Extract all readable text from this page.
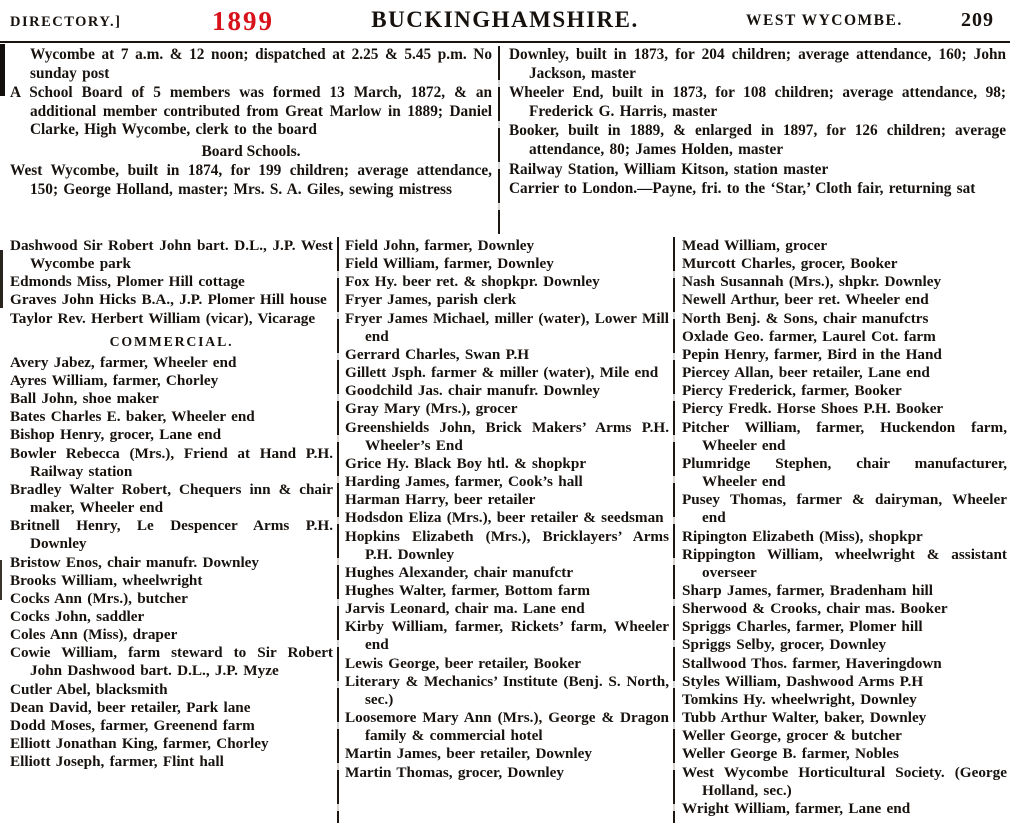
DIRECTORY.]	1899	BUCKINGHAMSHIRE.	WEST WYCOMBE.	209

Wycombe at 7 a.m. & 12 noon; dispatched at 2.25 & 5.45 p.m. No sunday post

A School Board of 5 members was formed 13 March, 1872, & an additional member contributed from Great Marlow in 1889; Daniel Clarke, High Wycombe, clerk to the board

Board Schools.

West Wycombe, built in 1874, for 199 children; average attendance, 150; George Holland, master; Mrs. S. A. Giles, sewing mistress

Downley, built in 1873, for 204 children; average attendance, 160; John Jackson, master

Wheeler End, built in 1873, for 108 children; average attendance, 98; Frederick G. Harris, master

Booker, built in 1889, & enlarged in 1897, for 126 children; average attendance, 80; James Holden, master

Railway Station, William Kitson, station master

Carrier to London.—Payne, fri. to the ‘Star,’ Cloth fair, returning sat

Dashwood Sir Robert John bart. D.L., J.P. West Wycombe park

Edmonds Miss, Plomer Hill cottage

Graves John Hicks B.A., J.P. Plomer Hill house

Taylor Rev. Herbert William (vicar), Vicarage

COMMERCIAL.

Avery Jabez, farmer, Wheeler end

Ayres William, farmer, Chorley

Ball John, shoe maker

Bates Charles E. baker, Wheeler end

Bishop Henry, grocer, Lane end

Bowler Rebecca (Mrs.), Friend at Hand P.H. Railway station

Bradley Walter Robert, Chequers inn & chair maker, Wheeler end

Britnell Henry, Le Despencer Arms P.H. Downley

Bristow Enos, chair manufr. Downley

Brooks William, wheelwright

Cocks Ann (Mrs.), butcher

Cocks John, saddler

Coles Ann (Miss), draper

Cowie William, farm steward to Sir Robert John Dashwood bart. D.L., J.P. Myze

Cutler Abel, blacksmith

Dean David, beer retailer, Park lane

Dodd Moses, farmer, Greenend farm

Elliott Jonathan King, farmer, Chorley

Elliott Joseph, farmer, Flint hall

Field John, farmer, Downley

Field William, farmer, Downley

Fox Hy. beer ret. & shopkpr. Downley

Fryer James, parish clerk

Fryer James Michael, miller (water), Lower Mill end

Gerrard Charles, Swan P.H

Gillett Jsph. farmer & miller (water), Mile end

Goodchild Jas. chair manufr. Downley

Gray Mary (Mrs.), grocer

Greenshields John, Brick Makers’ Arms P.H. Wheeler’s End

Grice Hy. Black Boy htl. & shopkpr

Harding James, farmer, Cook’s hall

Harman Harry, beer retailer

Hodsdon Eliza (Mrs.), beer retailer & seedsman

Hopkins Elizabeth (Mrs.), Bricklayers’ Arms P.H. Downley

Hughes Alexander, chair manufctr

Hughes Walter, farmer, Bottom farm

Jarvis Leonard, chair ma. Lane end

Kirby William, farmer, Rickets’ farm, Wheeler end

Lewis George, beer retailer, Booker

Literary & Mechanics’ Institute (Benj. S. North, sec.)

Loosemore Mary Ann (Mrs.), George & Dragon family & commercial hotel

Martin James, beer retailer, Downley

Martin Thomas, grocer, Downley

Mead William, grocer

Murcott Charles, grocer, Booker

Nash Susannah (Mrs.), shpkr. Downley

Newell Arthur, beer ret. Wheeler end

North Benj. & Sons, chair manufctrs

Oxlade Geo. farmer, Laurel Cot. farm

Pepin Henry, farmer, Bird in the Hand

Piercey Allan, beer retailer, Lane end

Piercy Frederick, farmer, Booker

Piercy Fredk. Horse Shoes P.H. Booker

Pitcher William, farmer, Huckendon farm, Wheeler end

Plumridge Stephen, chair manufacturer, Wheeler end

Pusey Thomas, farmer & dairyman, Wheeler end

Ripington Elizabeth (Miss), shopkpr

Rippington William, wheelwright & assistant overseer

Sharp James, farmer, Bradenham hill

Sherwood & Crooks, chair mas. Booker

Spriggs Charles, farmer, Plomer hill

Spriggs Selby, grocer, Downley

Stallwood Thos. farmer, Haveringdown

Styles William, Dashwood Arms P.H

Tomkins Hy. wheelwright, Downley

Tubb Arthur Walter, baker, Downley

Weller George, grocer & butcher

Weller George B. farmer, Nobles

West Wycombe Horticultural Society. (George Holland, sec.)

Wright William, farmer, Lane end
